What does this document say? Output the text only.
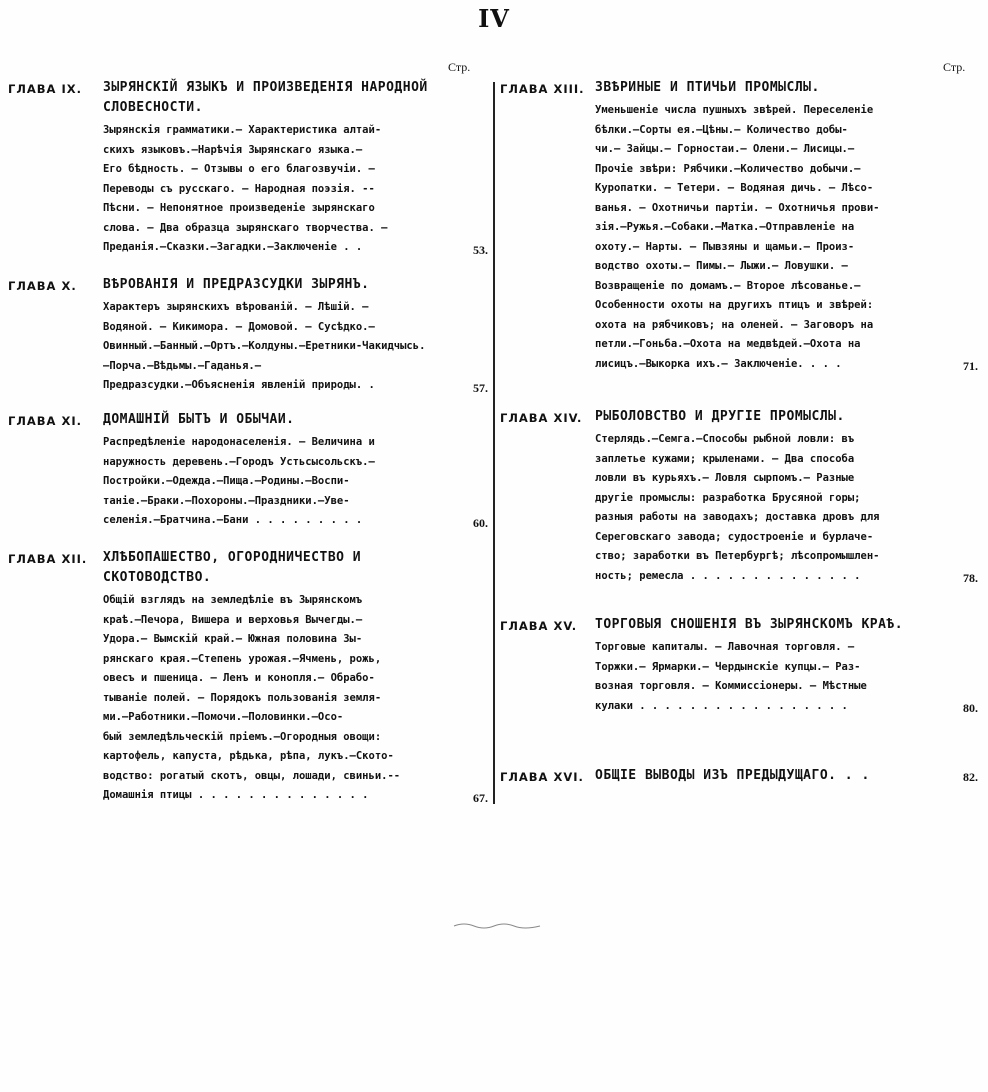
IV
Стр.	Стр.
ГЛАВА IX.	ЗЫРЯНСКІЙ ЯЗЫКЪ И ПРОИЗВЕДЕНІЯ НАРОДНОЙ СЛОВЕСНОСТИ.
Зырянскія грамматики.— Характеристика алтай-
скихъ языковъ.—Нарѣчія Зырянскаго языка.—
Его бѣдность. — Отзывы о его благозвучіи. —
Переводы съ русскаго. — Народная поэзія. --
Пѣсни. — Непонятное произведеніе зырянскаго
слова. — Два образца зырянскаго творчества. —
Преданія.—Сказки.—Загадки.—Заключеніе . .	53.
ГЛАВА X.	ВѢРОВАНІЯ И ПРЕДРАЗСУДКИ ЗЫРЯНЪ.
Характеръ зырянскихъ вѣрованій. — Лѣшій. —
Водяной. — Кикимора. — Домовой. — Сусѣдко.—
Овинный.—Банный.—Ортъ.—Колдуны.—Еретники-Чакидчысь.
—Порча.—Вѣдьмы.—Гаданья.—
Предразсудки.—Объясненія явленій природы. .	57.
ГЛАВА XI.	ДОМАШНІЙ БЫТЪ И ОБЫЧАИ.
Распредѣленіе народонаселенія. — Величина и
наружность деревень.—Городъ Устьсысольскъ.—
Постройки.—Одежда.—Пища.—Родины.—Воспи-
таніе.—Браки.—Похороны.—Праздники.—Уве-
селенія.—Братчина.—Бани . . . . . . . . .	60.
ГЛАВА XII.	ХЛѢБОПАШЕСТВО, ОГОРОДНИЧЕСТВО И СКОТОВОДСТВО.
Общій взглядъ на земледѣліе въ Зырянскомъ
краѣ.—Печора, Вишера и верховья Вычегды.—
Удора.— Вымскій край.— Южная половина Зы-
рянскаго края.—Степень урожая.—Ячмень, рожь,
овесъ и пшеница. — Ленъ и конопля.— Обрабо-
тываніе полей. — Порядокъ пользованія земля-
ми.—Работники.—Помочи.—Половинки.—Осо-
бый земледѣльческій пріемъ.—Огородныя овощи:
картофель, капуста, рѣдька, рѣпа, лукъ.—Ското-
водство: рогатый скотъ, овцы, лошади, свиньи.--
Домашнія птицы . . . . . . . . . . . . . .	67.
ГЛАВА XIII. ЗВѢРИНЫЕ И ПТИЧЬИ ПРОМЫСЛЫ.
Уменьшеніе числа пушныхъ звѣрей. Переселеніе
бѣлки.—Сорты ея.—Цѣны.— Количество добы-
чи.— Зайцы.— Горностаи.— Олени.— Лисицы.—
Прочіе звѣри: Рябчики.—Количество добычи.—
Куропатки. — Тетери. — Водяная дичь. — Лѣсо-
ванья. — Охотничьи партіи. — Охотничья прови-
зія.—Ружья.—Собаки.—Матка.—Отправленіе на
охоту.— Нарты. — Пывзяны и щамьи.— Произ-
водство охоты.— Пимы.— Лыжи.— Ловушки. —
Возвращеніе по домамъ.— Второе лѣсованье.—
Особенности охоты на другихъ птицъ и звѣрей:
охота на рябчиковъ; на оленей. — Заговоръ на
петли.—Гоньба.—Охота на медвѣдей.—Охота на
лисицъ.—Выкорка ихъ.— Заключеніе. . . .	71.
ГЛАВА XIV. РЫБОЛОВСТВО И ДРУГІЕ ПРОМЫСЛЫ.
Стерлядь.—Семга.—Способы рыбной ловли: въ
заплетье кужами; крыленами. — Два способа
ловли въ курьяхъ.— Ловля сырпомъ.— Разные
другіе промыслы: разработка Брусяной горы;
разныя работы на заводахъ; доставка дровъ для
Сереговскаго завода; судостроеніе и бурлаче-
ство; заработки въ Петербургѣ; лѣсопромышлен-
ность; ремесла . . . . . . . . . . . . . .	78.
ГЛАВА XV.	ТОРГОВЫЯ СНОШЕНІЯ ВЪ ЗЫРЯНСКОМЪ КРАѢ.
Торговые капиталы. — Лавочная торговля. —
Торжки.— Ярмарки.— Чердынскіе купцы.— Раз-
возная торговля. — Коммиссіонеры. — Мѣстные
кулаки . . . . . . . . . . . . . . . . .	80.
ГЛАВА XVI. ОБЩІЕ ВЫВОДЫ ИЗЪ ПРЕДЫДУЩАГО. . .	82.
